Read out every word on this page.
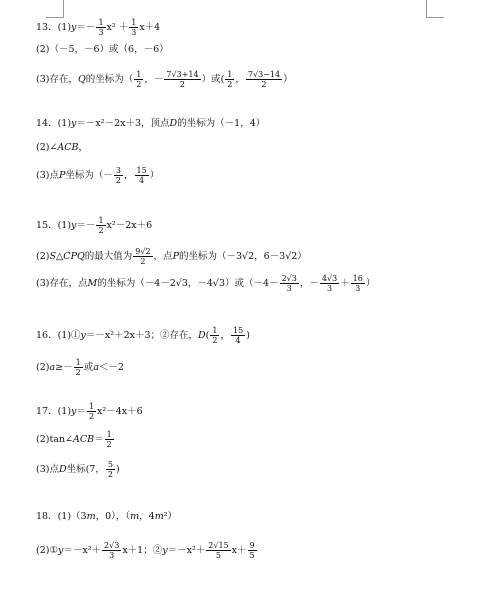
13．(1) $y =- \frac{1}{3} x^2 + \frac{1}{3} x+4$
(2)（－5，－6）或（6，－6）
(3)存在， Q 的坐标为（ $\frac{1}{2}$ ，－ $\frac{7√3+14}{2}$ ）或( $\frac{1}{2}$ ， $\frac{7√3-14}{2}$ ）
14．(1) y ＝－x²－2x＋3，顶点 D 的坐标为（－1，4）
(2)∠ ACB ，
(3)点 P 坐标为（－ $\frac{3}{2}$ ， $\frac{15}{4}$ ）
15．(1) $y =- \frac{1}{2} x^2-2x+6$
(2) S △ CPQ 的最大值为 $\frac{9√2}{2}$ ，点 P 的坐标为（－3√2，6－3√2）
(3)存在，点 M 的坐标为（－4－2√3，－4√3）或（$-4- \frac{2√3}{3}$ ，－ $\frac{4√3}{3} + \frac{16}{3}$ ）
16．(1)① y ＝－x²＋2x＋3；②存在， D ( $\frac{1}{2}$ ， $\frac{15}{4}$ )
(2) $a \ge- \frac{1}{2}$ 或 a ＜－2
17．(1) $y = \frac{1}{2} x^2-4x+6$
(2)tan∠ ACB ＝ $\frac{1}{2}$
(3)点 D 坐标(7， $\frac{5}{2}$ )
18．(1)（3 m ，0），（ m ，4 m ²）
(2)① $y =-x^2+ \frac{2√3}{3} x+1$；② $y =-x^2+ \frac{2√15}{5} x+ \frac{9}{5}$
